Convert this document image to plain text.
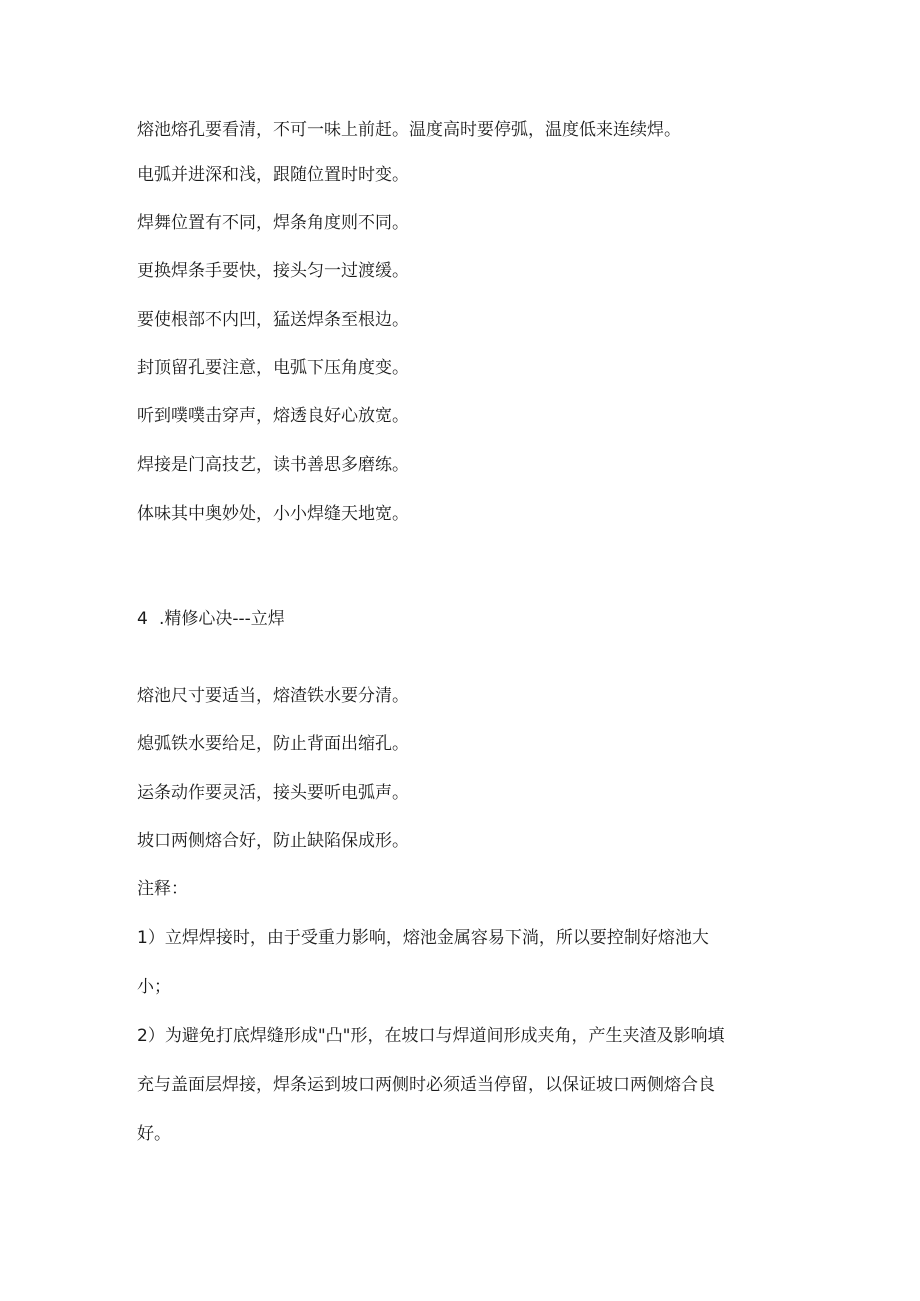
熔池熔孔要看清，不可一味上前赶。温度高时要停弧，温度低来连续焊。
电弧并进深和浅，跟随位置时时变。
焊舞位置有不同，焊条角度则不同。
更换焊条手要快，接头匀一过渡缓。
要使根部不内凹，猛送焊条至根边。
封顶留孔要注意，电弧下压角度变。
听到噗噗击穿声，熔透良好心放宽。
焊接是门高技艺，读书善思多磨练。
体味其中奥妙处，小小焊缝天地宽。
4 .精修心决---立焊
熔池尺寸要适当，熔渣铁水要分清。
熄弧铁水要给足，防止背面出缩孔。
运条动作要灵活，接头要听电弧声。
坡口两侧熔合好，防止缺陷保成形。
注释：
1）立焊焊接时，由于受重力影响，熔池金属容易下淌，所以要控制好熔池大
小；
2）为避免打底焊缝形成"凸"形，在坡口与焊道间形成夹角，产生夹渣及影响填
充与盖面层焊接，焊条运到坡口两侧时必须适当停留，以保证坡口两侧熔合良
好。
